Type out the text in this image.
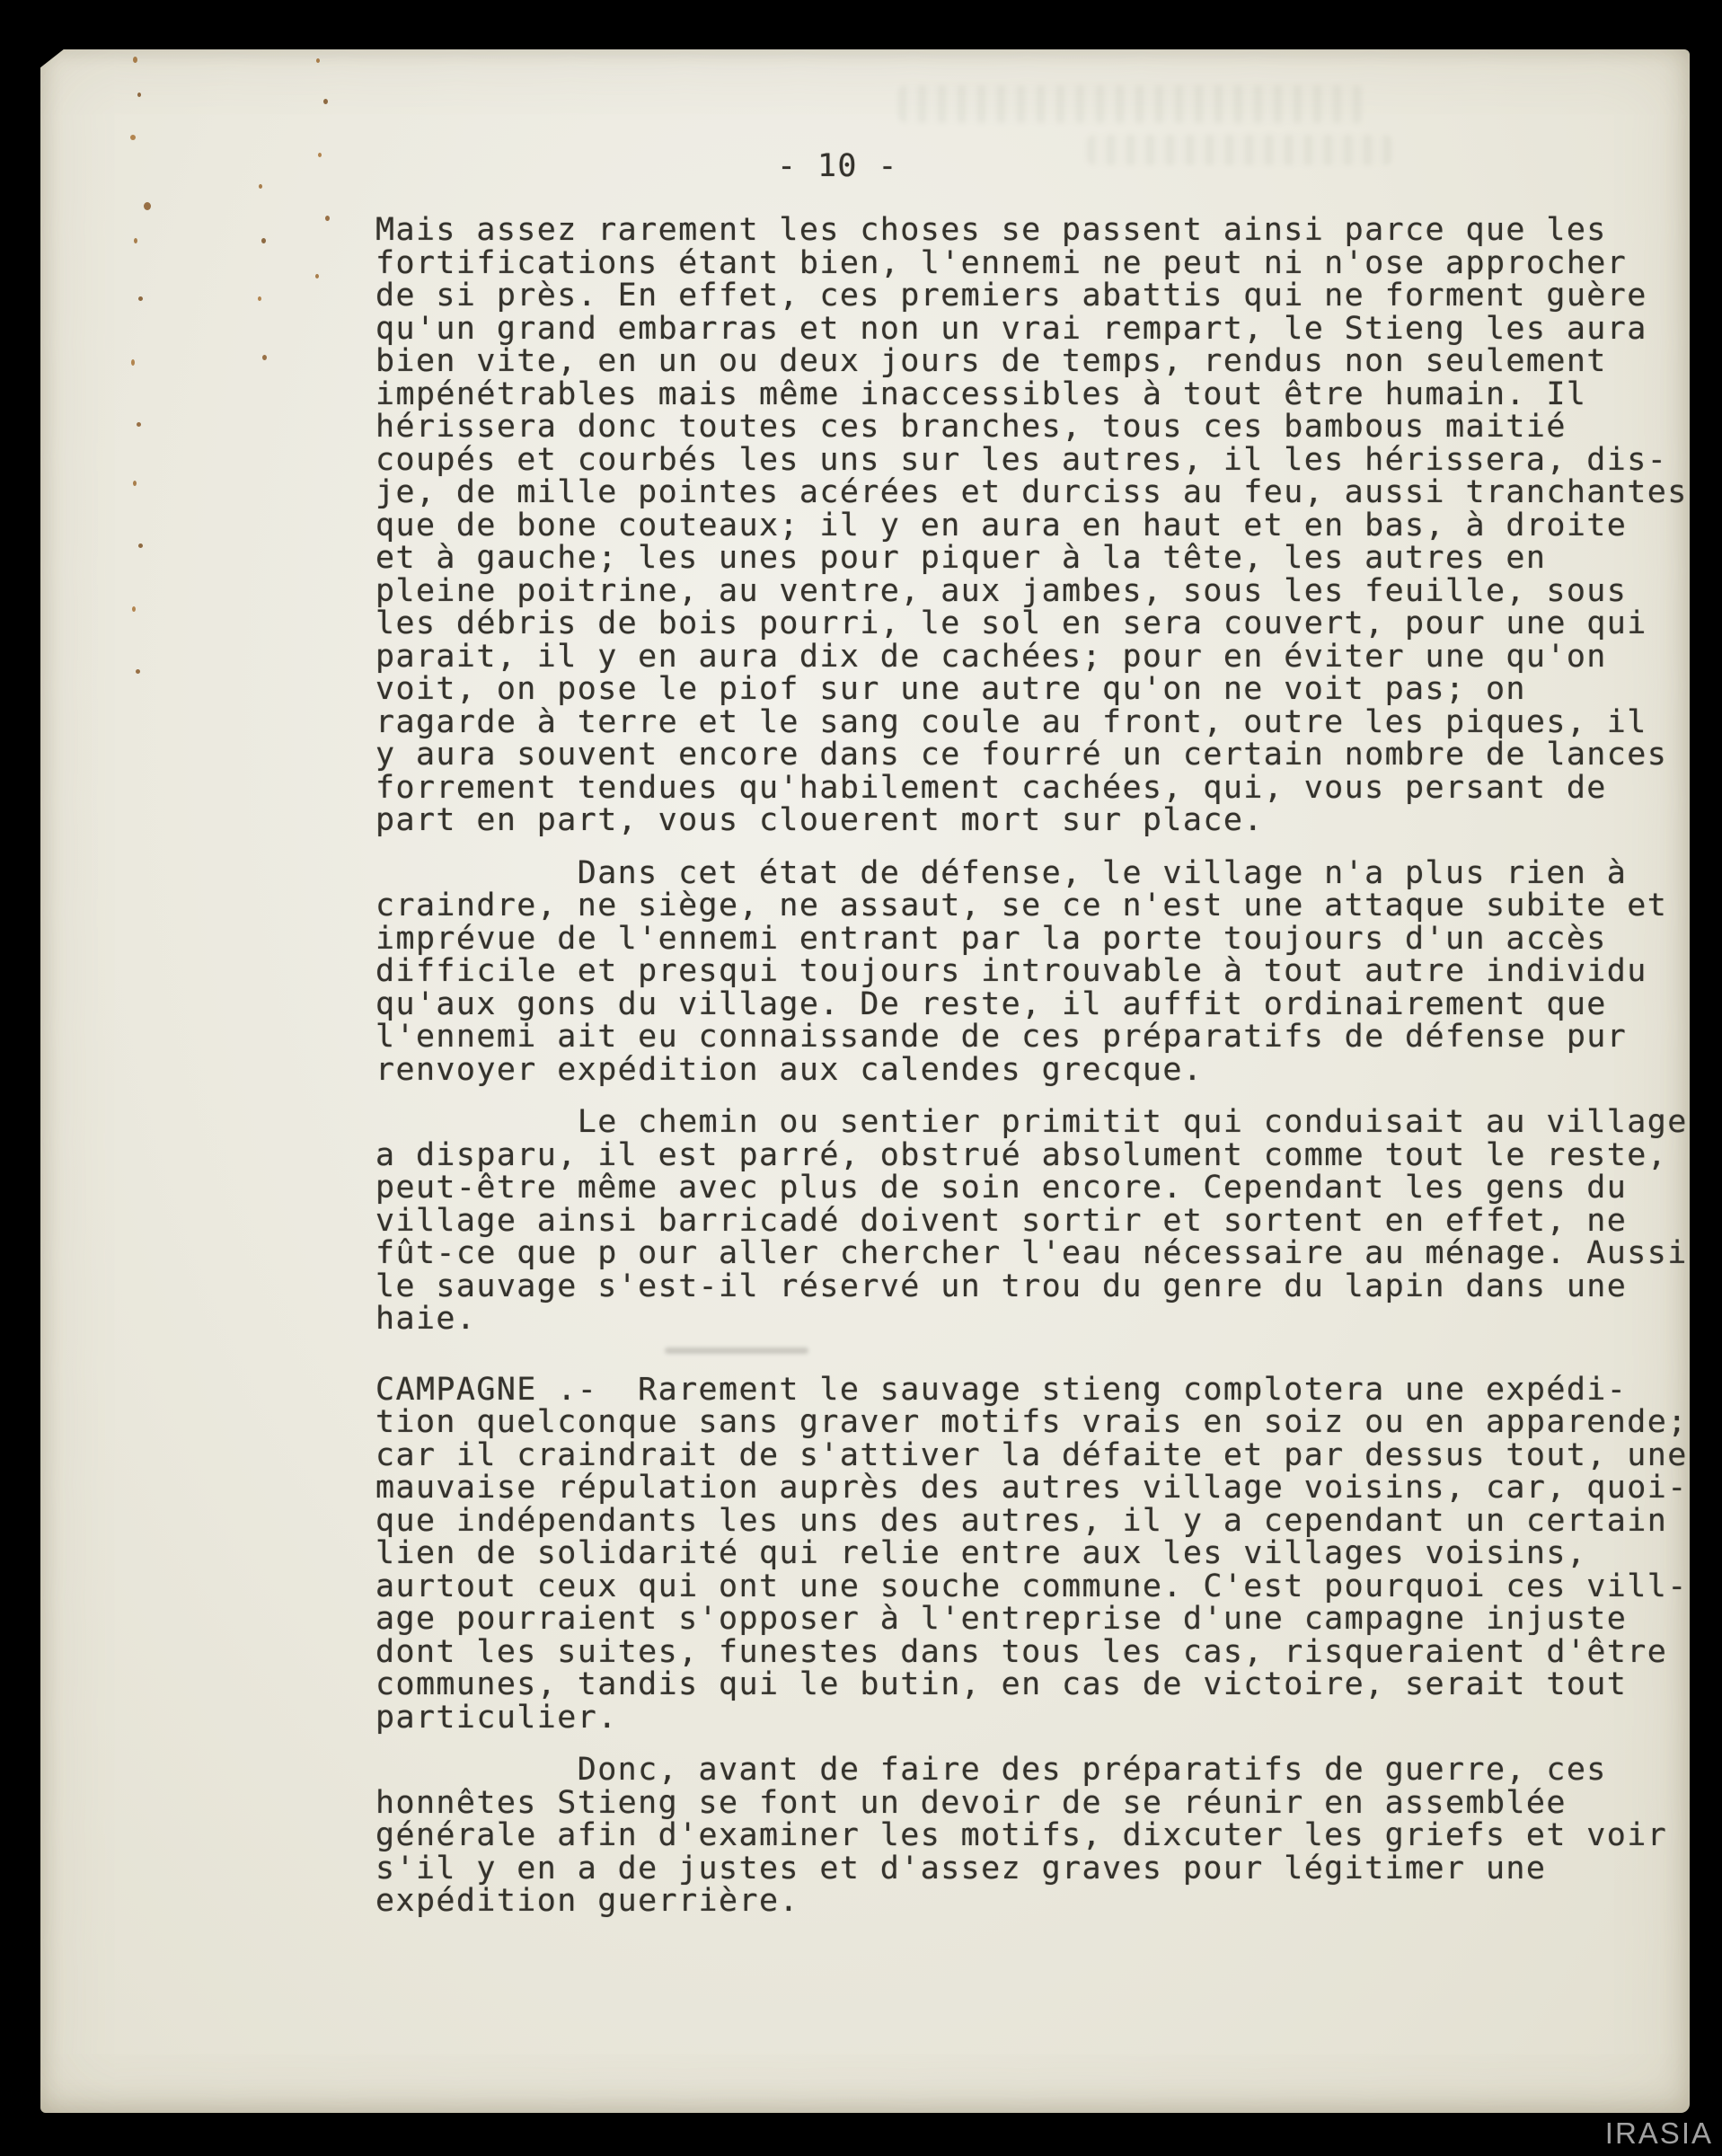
- 10 -
Mais assez rarement les choses se passent ainsi parce que les
fortifications étant bien, l'ennemi ne peut ni n'ose approcher
de si près. En effet, ces premiers abattis qui ne forment guère
qu'un grand embarras et non un vrai rempart, le Stieng les aura
bien vite, en un ou deux jours de temps, rendus non seulement
impénétrables mais même inaccessibles à tout être humain. Il
hérissera donc toutes ces branches, tous ces bambous maitié
coupés et courbés les uns sur les autres, il les hérissera, dis-
je, de mille pointes acérées et durciss au feu, aussi tranchantes
que de bone couteaux; il y en aura en haut et en bas, à droite
et à gauche; les unes pour piquer à la tête, les autres en
pleine poitrine, au ventre, aux jambes, sous les feuille, sous
les débris de bois pourri, le sol en sera couvert, pour une qui
parait, il y en aura dix de cachées; pour en éviter une qu'on
voit, on pose le piof sur une autre qu'on ne voit pas; on
ragarde à terre et le sang coule au front, outre les piques, il
y aura souvent encore dans ce fourré un certain nombre de lances
forrement tendues qu'habilement cachées, qui, vous persant de
part en part, vous clouerent mort sur place.
Dans cet état de défense, le village n'a plus rien à
craindre, ne siège, ne assaut, se ce n'est une attaque subite et
imprévue de l'ennemi entrant par la porte toujours d'un accès
difficile et presqui toujours introuvable à tout autre individu
qu'aux gons du village. De reste, il auffit ordinairement que
l'ennemi ait eu connaissande de ces préparatifs de défense pur
renvoyer expédition aux calendes grecque.
Le chemin ou sentier primitit qui conduisait au village
a disparu, il est parré, obstrué absolument comme tout le reste,
peut-être même avec plus de soin encore. Cependant les gens du
village ainsi barricadé doivent sortir et sortent en effet, ne
fût-ce que p our aller chercher l'eau nécessaire au ménage. Aussi
le sauvage s'est-il réservé un trou du genre du lapin dans une
haie.
CAMPAGNE .-  Rarement le sauvage stieng complotera une expédi-
tion quelconque sans graver motifs vrais en soiz ou en apparende;
car il craindrait de s'attiver la défaite et par dessus tout, une
mauvaise répulation auprès des autres village voisins, car, quoi-
que indépendants les uns des autres, il y a cependant un certain
lien de solidarité qui relie entre aux les villages voisins,
aurtout ceux qui ont une souche commune. C'est pourquoi ces vill-
age pourraient s'opposer à l'entreprise d'une campagne injuste
dont les suites, funestes dans tous les cas, risqueraient d'être
communes, tandis qui le butin, en cas de victoire, serait tout
particulier.
Donc, avant de faire des préparatifs de guerre, ces
honnêtes Stieng se font un devoir de se réunir en assemblée
générale afin d'examiner les motifs, dixcuter les griefs et voir
s'il y en a de justes et d'assez graves pour légitimer une
expédition guerrière.
IRASIA
